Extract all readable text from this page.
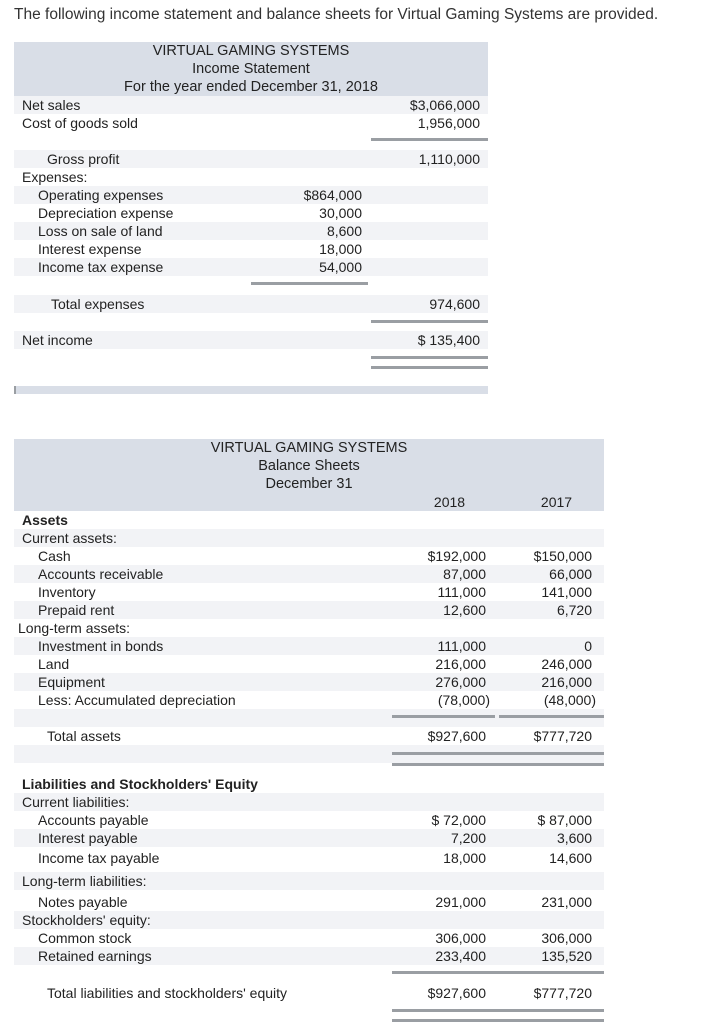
The following income statement and balance sheets for Virtual Gaming Systems are provided.
VIRTUAL GAMING SYSTEMS
Income Statement
For the year ended December 31, 2018
Net sales	$3,066,000
Cost of goods sold	1,956,000
Gross profit	1,110,000
Expenses:
Operating expenses	$864,000
Depreciation expense	30,000
Loss on sale of land	8,600
Interest expense	18,000
Income tax expense	54,000
Total expenses	974,600
Net income	$ 135,400
VIRTUAL GAMING SYSTEMS
Balance Sheets
December 31
2018	2017
Assets
Current assets:
Cash	$192,000	$150,000
Accounts receivable	87,000	66,000
Inventory	111,000	141,000
Prepaid rent	12,600	6,720
Long-term assets:
Investment in bonds	111,000	0
Land	216,000	246,000
Equipment	276,000	216,000
Less: Accumulated depreciation	(78,000)	(48,000)
Total assets	$927,600	$777,720
Liabilities and Stockholders' Equity
Current liabilities:
Accounts payable	$ 72,000	$ 87,000
Interest payable	7,200	3,600
Income tax payable	18,000	14,600
Long-term liabilities:
Notes payable	291,000	231,000
Stockholders' equity:
Common stock	306,000	306,000
Retained earnings	233,400	135,520
Total liabilities and stockholders' equity	$927,600	$777,720
